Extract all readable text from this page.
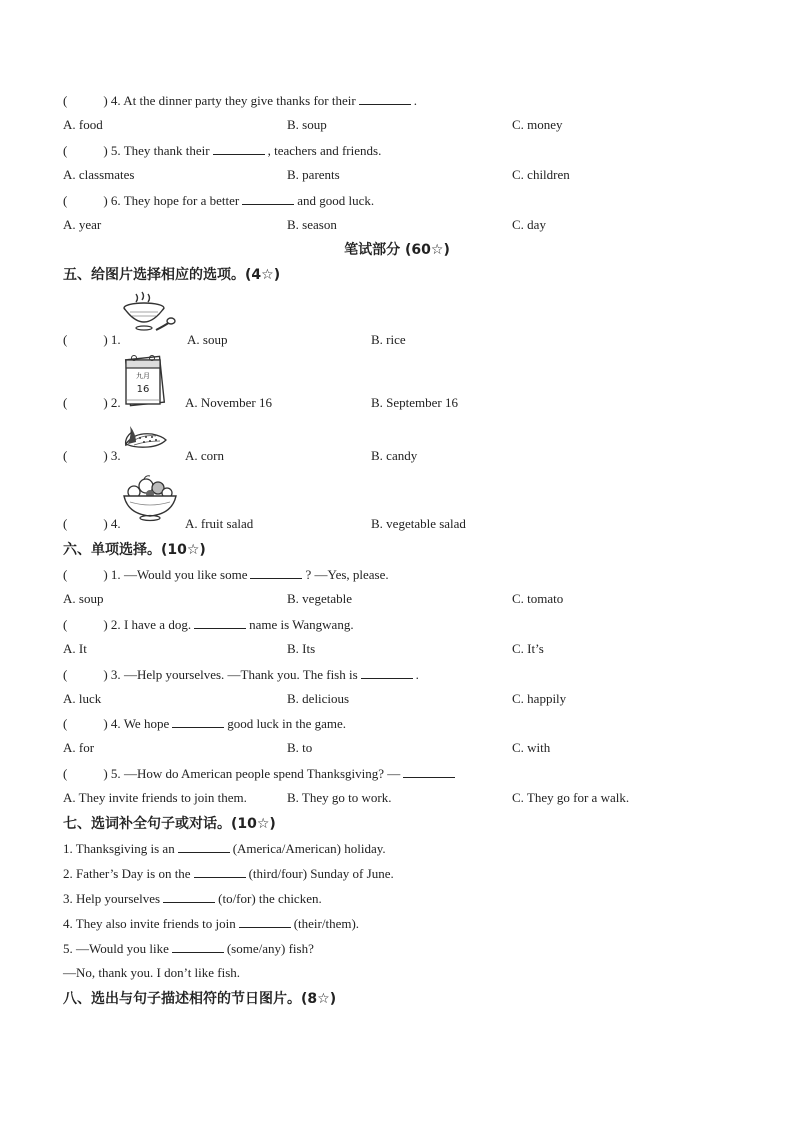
(	) 4. At the dinner party they give thanks for their	.
A. food	B. soup	C. money
(	) 5. They thank their	, teachers and friends.
A. classmates	B. parents	C. children
(	) 6. They hope for a better	and good luck.
A. year	B. season	C. day
笔试部分 (60☆)
五、给图片选择相应的选项。(4☆)
(	) 1.	A. soup	B. rice
(	) 2.
九月
16
A. November 16	B. September 16
(	) 3.	A. corn	B. candy
(	) 4.	A. fruit salad	B. vegetable salad
六、单项选择。(10☆)
(	) 1. —Would you like some	? —Yes, please.
A. soup	B. vegetable	C. tomato
(	) 2. I have a dog.	name is Wangwang.
A. It	B. Its	C. It’s
(	) 3. —Help yourselves. —Thank you. The fish is	.
A. luck	B. delicious	C. happily
(	) 4. We hope	good luck in the game.
A. for	B. to	C. with
(	) 5. —How do American people spend Thanksgiving? —
A. They invite friends to join them.	B. They go to work.	C. They go for a walk.
七、选词补全句子或对话。(10☆)
1. Thanksgiving is an	(America/American) holiday.
2. Father’s Day is on the	(third/four) Sunday of June.
3. Help yourselves	(to/for) the chicken.
4. They also invite friends to join	(their/them).
5. —Would you like	(some/any) fish?
—No, thank you. I don’t like fish.
八、选出与句子描述相符的节日图片。(8☆)
